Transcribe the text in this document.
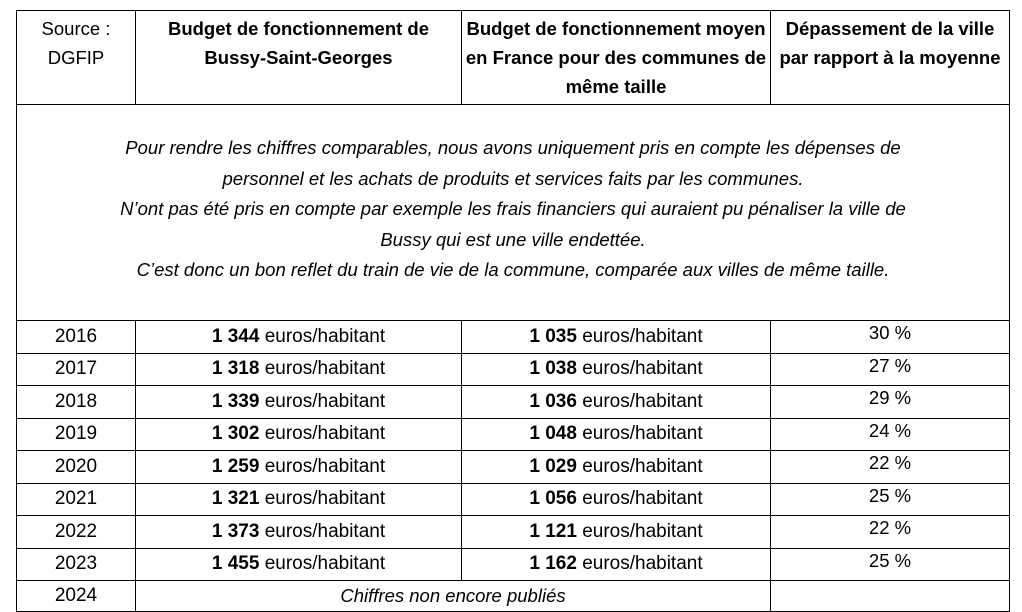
Source : DGFIP	Budget de fonctionnement de Bussy-Saint-Georges	Budget de fonctionnement moyen en France pour des communes de même taille	Dépassement de la ville par rapport à la moyenne

Pour rendre les chiffres comparables, nous avons uniquement pris en compte les dépenses de
personnel et les achats de produits et services faits par les communes.
N’ont pas été pris en compte par exemple les frais financiers qui auraient pu pénaliser la ville de
Bussy qui est une ville endettée.
C’est donc un bon reflet du train de vie de la commune, comparée aux villes de même taille.			

2016	1 344 euros/habitant	1 035 euros/habitant	30 %
2017	1 318 euros/habitant	1 038 euros/habitant	27 %
2018	1 339 euros/habitant	1 036 euros/habitant	29 %
2019	1 302 euros/habitant	1 048 euros/habitant	24 %
2020	1 259 euros/habitant	1 029 euros/habitant	22 %
2021	1 321 euros/habitant	1 056 euros/habitant	25 %
2022	1 373 euros/habitant	1 121 euros/habitant	22 %
2023	1 455 euros/habitant	1 162 euros/habitant	25 %
2024	Chiffres non encore publiés		
